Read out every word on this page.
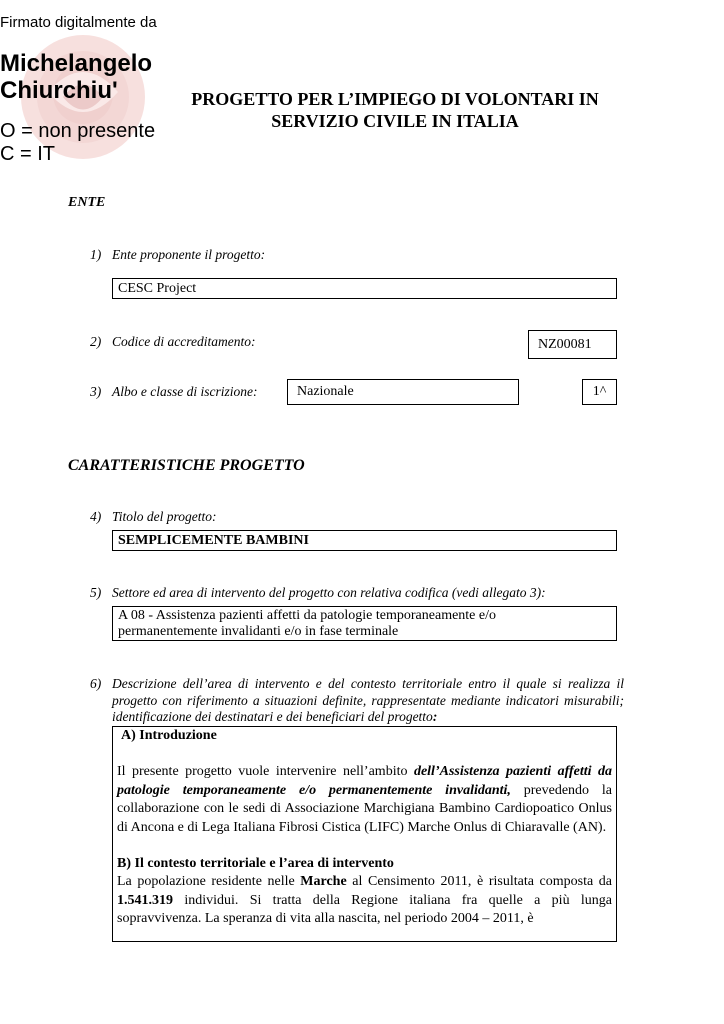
Firmato digitalmente da
Michelangelo
Chiurchiu'
O = non presente
C = IT
PROGETTO PER L’IMPIEGO DI VOLONTARI IN
SERVIZIO CIVILE IN ITALIA
ENTE
1) Ente proponente il progetto:
CESC Project
2) Codice di accreditamento:	NZ00081
3) Albo e classe di iscrizione:	Nazionale	1^
CARATTERISTICHE PROGETTO
4) Titolo del progetto:
SEMPLICEMENTE BAMBINI
5) Settore ed area di intervento del progetto con relativa codifica (vedi allegato 3):
A 08 - Assistenza pazienti affetti da patologie temporaneamente e/o
permanentemente invalidanti e/o in fase terminale
6) Descrizione dell’area di intervento e del contesto territoriale entro il quale si realizza il progetto con riferimento a situazioni definite, rappresentate mediante indicatori misurabili; identificazione dei destinatari e dei beneficiari del progetto:

A) Introduzione

Il presente progetto vuole intervenire nell’ambito dell’Assistenza pazienti affetti da patologie temporaneamente e/o permanentemente invalidanti, prevedendo la collaborazione con le sedi di Associazione Marchigiana Bambino Cardiopoatico Onlus di Ancona e di Lega Italiana Fibrosi Cistica (LIFC) Marche Onlus di Chiaravalle (AN).

B) Il contesto territoriale e l’area di intervento

La popolazione residente nelle Marche al Censimento 2011, è risultata composta da 1.541.319 individui. Si tratta della Regione italiana fra quelle a più lunga sopravvivenza. La speranza di vita alla nascita, nel periodo 2004 – 2011, è
